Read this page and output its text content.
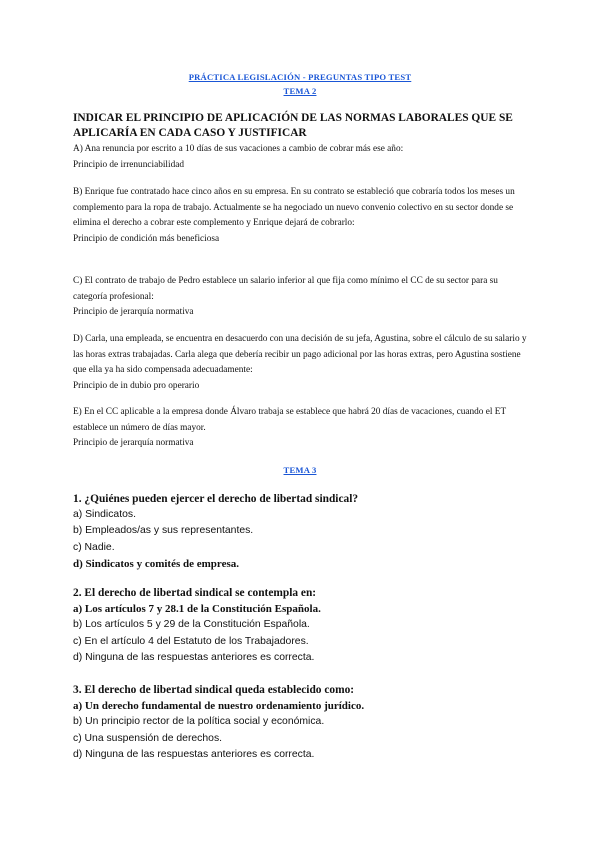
PRÁCTICA LEGISLACIÓN - PREGUNTAS TIPO TEST
TEMA 2

INDICAR EL PRINCIPIO DE APLICACIÓN DE LAS NORMAS LABORALES QUE SE APLICARÍA EN CADA CASO Y JUSTIFICAR

A) Ana renuncia por escrito a 10 días de sus vacaciones a cambio de cobrar más ese año:

Principio de irrenunciabilidad

B) Enrique fue contratado hace cinco años en su empresa. En su contrato se estableció que cobraría todos los meses un complemento para la ropa de trabajo. Actualmente se ha negociado un nuevo convenio colectivo en su sector donde se elimina el derecho a cobrar este complemento y Enrique dejará de cobrarlo:

Principio de condición más beneficiosa

C) El contrato de trabajo de Pedro establece un salario inferior al que fija como mínimo el CC de su sector para su categoría profesional:

Principio de jerarquía normativa

D) Carla, una empleada, se encuentra en desacuerdo con una decisión de su jefa, Agustina, sobre el cálculo de su salario y las horas extras trabajadas. Carla alega que debería recibir un pago adicional por las horas extras, pero Agustina sostiene que ella ya ha sido compensada adecuadamente:

Principio de in dubio pro operario

E) En el CC aplicable a la empresa donde Álvaro trabaja se establece que habrá 20 días de vacaciones, cuando el ET establece un número de días mayor.

Principio de jerarquía normativa

TEMA 3
1. ¿Quiénes pueden ejercer el derecho de libertad sindical?
a) Sindicatos.
b) Empleados/as y sus representantes.
c) Nadie.
d) Sindicatos y comités de empresa.
2. El derecho de libertad sindical se contempla en:
a) Los artículos 7 y 28.1 de la Constitución Española.
b) Los artículos 5 y 29 de la Constitución Española.
c) En el artículo 4 del Estatuto de los Trabajadores.
d) Ninguna de las respuestas anteriores es correcta.
3. El derecho de libertad sindical queda establecido como:
a) Un derecho fundamental de nuestro ordenamiento jurídico.
b) Un principio rector de la política social y económica.
c) Una suspensión de derechos.
d) Ninguna de las respuestas anteriores es correcta.
